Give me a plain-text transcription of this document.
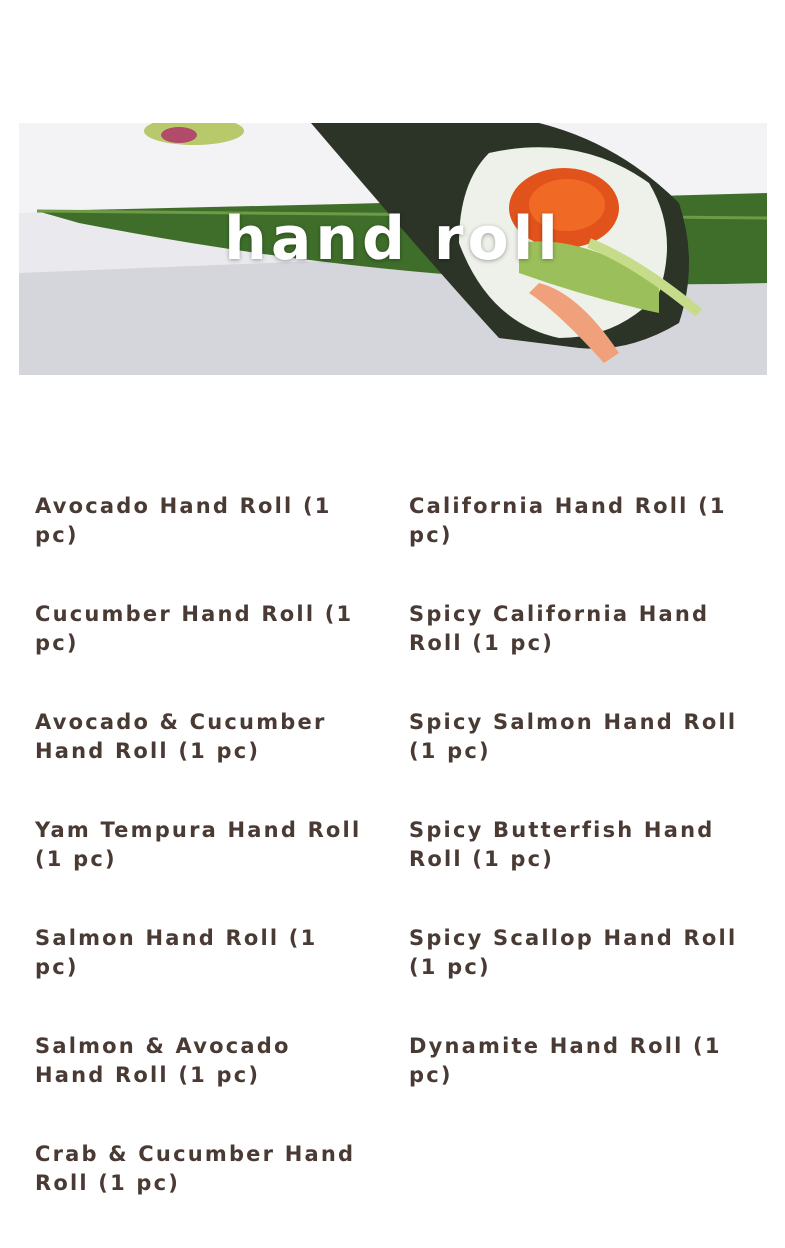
hand roll
Avocado Hand Roll (1 pc)
Cucumber Hand Roll (1 pc)
Avocado & Cucumber Hand Roll (1 pc)
Yam Tempura Hand Roll (1 pc)
Salmon Hand Roll (1 pc)
Salmon & Avocado Hand Roll (1 pc)
Crab & Cucumber Hand Roll (1 pc)
California Hand Roll (1 pc)
Spicy California Hand Roll (1 pc)
Spicy Salmon Hand Roll (1 pc)
Spicy Butterfish Hand Roll (1 pc)
Spicy Scallop Hand Roll (1 pc)
Dynamite Hand Roll (1 pc)
